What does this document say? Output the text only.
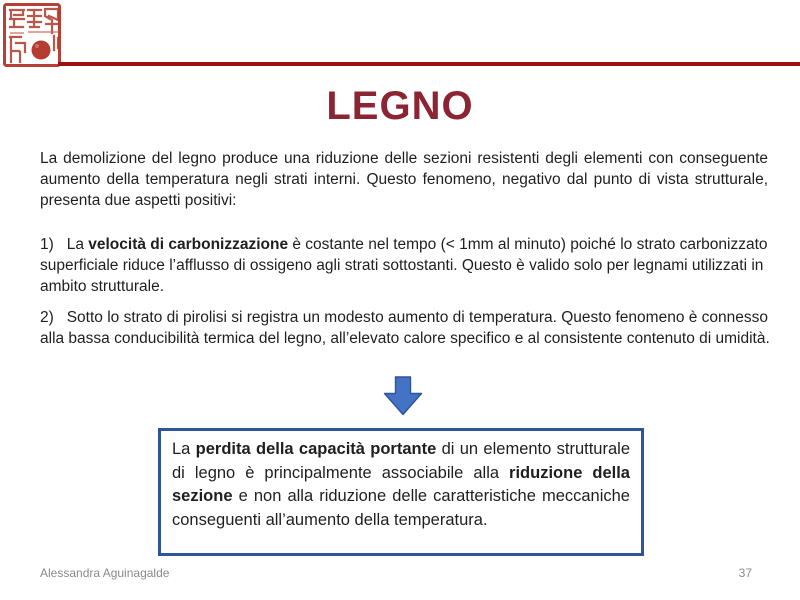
LEGNO
La demolizione del legno produce una riduzione delle sezioni resistenti degli elementi con conseguente aumento della temperatura negli strati interni. Questo fenomeno, negativo dal punto di vista strutturale, presenta due aspetti positivi:
1)   La velocità di carbonizzazione è costante nel tempo (< 1mm al minuto) poiché lo strato carbonizzato superficiale riduce l’afflusso di ossigeno agli strati sottostanti. Questo è valido solo per legnami utilizzati in ambito strutturale.
2)   Sotto lo strato di pirolisi si registra un modesto aumento di temperatura. Questo fenomeno è connesso alla bassa conducibilità termica del legno, all’elevato calore specifico e al consistente contenuto di umidità.
La perdita della capacità portante di un elemento strutturale di legno è principalmente associabile alla riduzione della sezione e non alla riduzione delle caratteristiche meccaniche conseguenti all’aumento della temperatura.
Alessandra Aguinagalde	37
